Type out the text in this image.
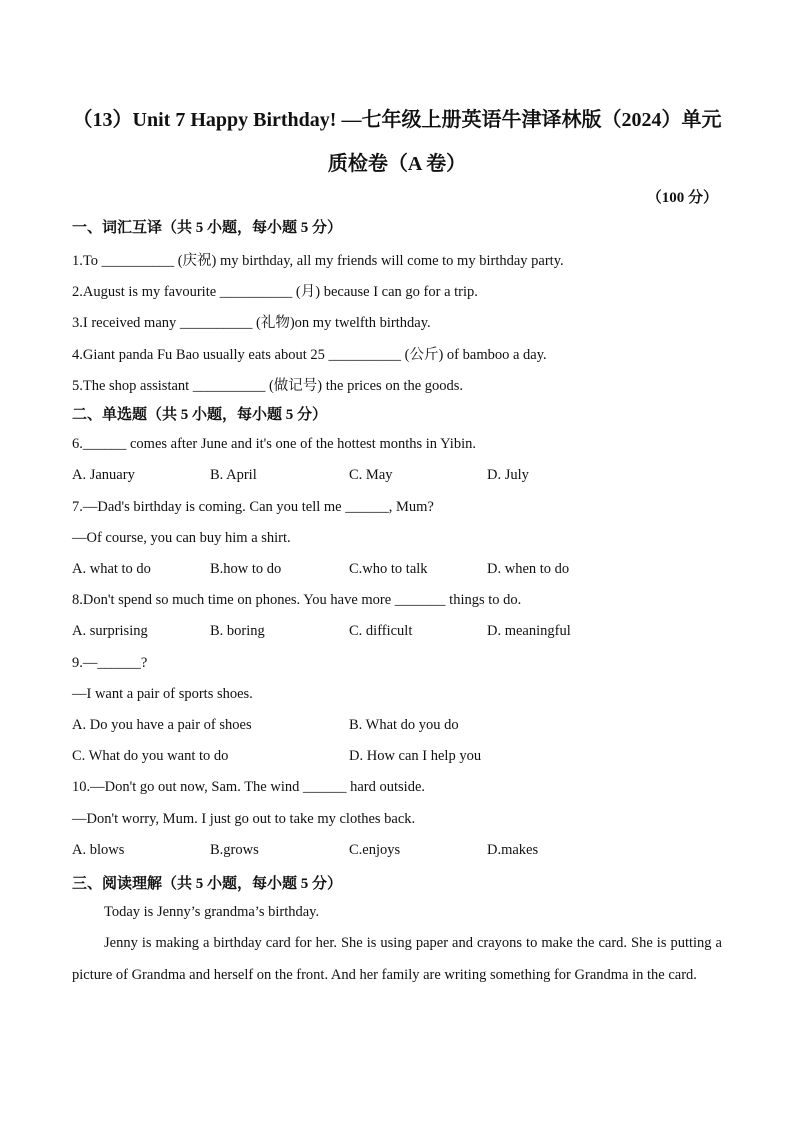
（13）Unit 7 Happy Birthday! —七年级上册英语牛津译林版（2024）单元
质检卷（A 卷）
（100 分）
一、词汇互译（共 5 小题，每小题 5 分）
1.To __________ (庆祝) my birthday, all my friends will come to my birthday party.
2.August is my favourite __________ (月) because I can go for a trip.
3.I received many __________ (礼物)on my twelfth birthday.
4.Giant panda Fu Bao usually eats about 25 __________ (公斤) of bamboo a day.
5.The shop assistant __________ (做记号) the prices on the goods.
二、单选题（共 5 小题，每小题 5 分）
6.______ comes after June and it's one of the hottest months in Yibin.
A. January	B. April	C. May	D. July
7.—Dad's birthday is coming. Can you tell me ______, Mum?
—Of course, you can buy him a shirt.
A. what to do	B.how to do	C.who to talk	D. when to do
8.Don't spend so much time on phones. You have more _______ things to do.
A. surprising	B. boring	C. difficult	D. meaningful
9.—______?
—I want a pair of sports shoes.
A. Do you have a pair of shoes	B. What do you do
C. What do you want to do	D. How can I help you
10.—Don't go out now, Sam. The wind ______ hard outside.
—Don't worry, Mum. I just go out to take my clothes back.
A. blows	B.grows	C.enjoys	D.makes
三、阅读理解（共 5 小题，每小题 5 分）
Today is Jenny’s grandma’s birthday.
Jenny is making a birthday card for her. She is using paper and crayons to make the card. She is putting a picture of Grandma and herself on the front. And her family are writing something for Grandma in the card.
